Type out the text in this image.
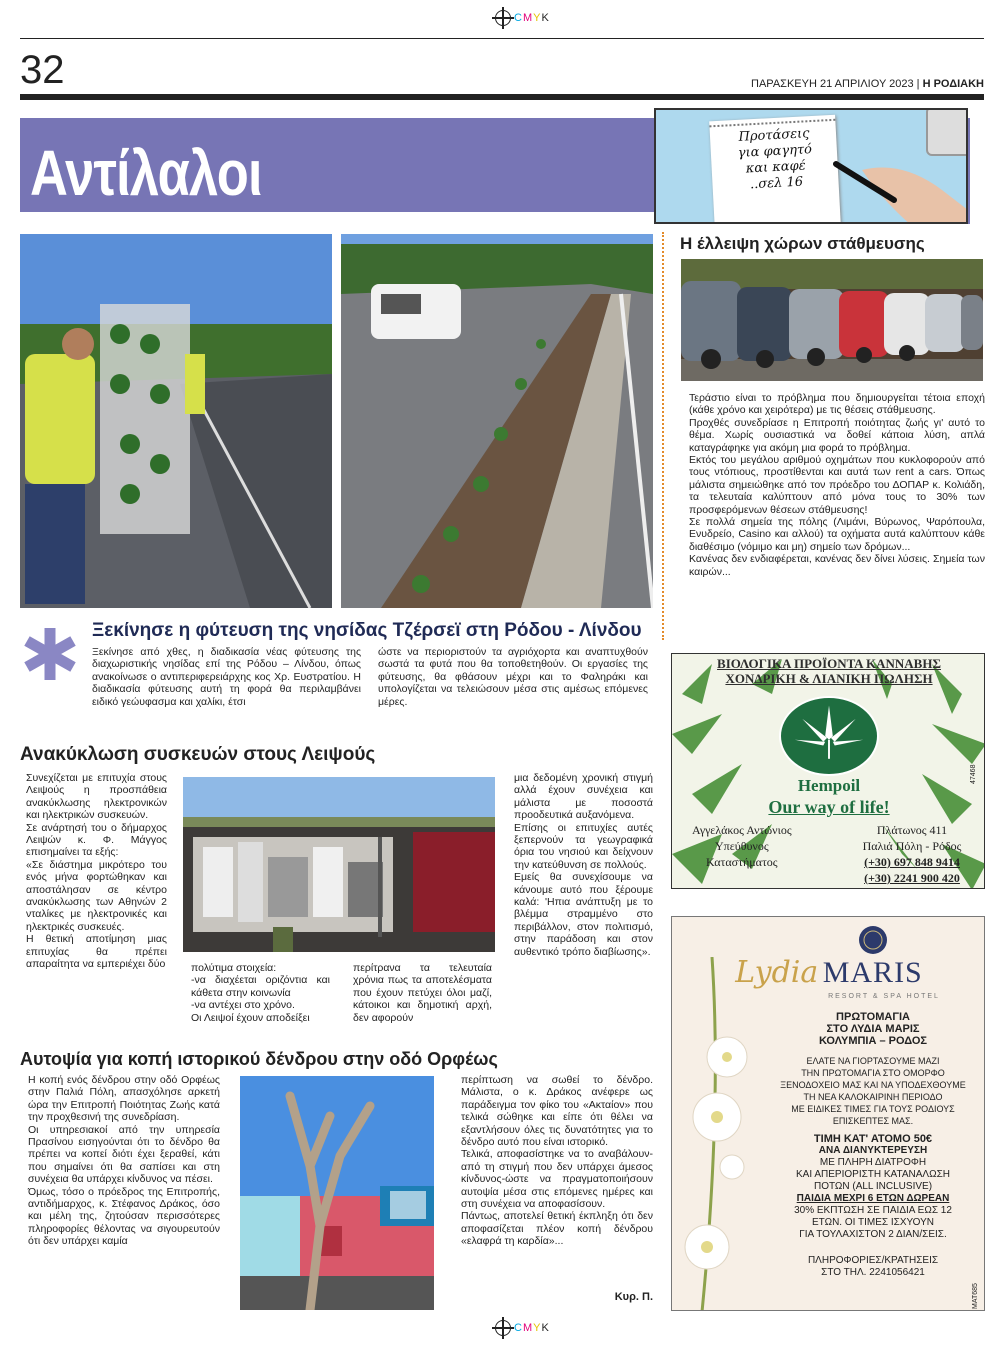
CMYK
32	ΠΑΡΑΣΚΕΥΗ 21 ΑΠΡΙΛΙΟΥ 2023 | Η ΡΟΔΙΑΚΗ
Αντίλαλοι
Προτάσεις
για φαγητό
και καφέ
..σελ 16
Ξεκίνησε η φύτευση της νησίδας Τζέρσεϊ στη Ρόδου - Λίνδου

Ξεκίνησε από χθες, η διαδικασία νέας φύτευσης της διαχωριστικής νησίδας επί της Ρόδου – Λίνδου, όπως ανακοίνωσε ο αντιπεριφερειάρχης κος Χρ. Ευστρατίου. Η διαδικασία φύτευσης αυτή τη φορά θα περιλαμβάνει ειδικό γεώυφασμα και χαλίκι, έτσι

ώστε να περιοριστούν τα αγριόχορτα και αναπτυχθούν σωστά τα φυτά που θα τοποθετηθούν. Οι εργασίες της φύτευσης, θα φθάσουν μέχρι και το Φαληράκι και υπολογίζεται να τελειώσουν μέσα στις αμέσως επόμενες μέρες.

Η έλλειψη χώρων στάθμευσης

Τεράστιο είναι το πρόβλημα που δημιουργείται τέτοια εποχή (κάθε χρόνο και χειρότερα) με τις θέσεις στάθμευσης.

Προχθές συνεδρίασε η Επιτροπή ποιότητας ζωής γι' αυτό το θέμα. Χωρίς ουσιαστικά να δοθεί κάποια λύση, απλά καταγράφηκε για ακόμη μια φορά το πρόβλημα.

Εκτός του μεγάλου αριθμού οχημάτων που κυκλοφορούν από τους ντόπιους, προστίθενται και αυτά των rent a cars. Όπως μάλιστα σημειώθηκε από τον πρόεδρο του ΔΟΠΑΡ κ. Κολιάδη, τα τελευταία καλύπτουν από μόνα τους το 30% των προσφερόμενων θέσεων στάθμευσης!

Σε πολλά σημεία της πόλης (Λιμάνι, Βύρωνος, Ψαρόπουλα, Ενυδρείο, Casino και αλλού) τα οχήματα αυτά καλύπτουν κάθε διαθέσιμο (νόμιμο και μη) σημείο των δρόμων...

Κανένας δεν ενδιαφέρεται, κανένας δεν δίνει λύσεις. Σημεία των καιρών...

ΒΙΟΛΟΓΙΚΑ ΠΡΟΪΟΝΤΑ ΚΑΝΝΑΒΗΣ
ΧΟΝΔΡΙΚΗ & ΛΙΑΝΙΚΗ ΠΩΛΗΣΗ
Hempoil
Our way of life!
Αγγελάκος Αντώνιος
Υπεύθυνος
Καταστήματος
Πλάτωνος 411
Παλιά Πόλη - Ρόδος
(+30) 697 848 9414
(+30) 2241 900 420
47468
Ανακύκλωση συσκευών στους Λειψούς

Συνεχίζεται με επιτυχία στους Λειψούς η προσπάθεια ανακύκλωσης ηλεκτρονικών και ηλεκτρικών συσκευών.

Σε ανάρτησή του ο δήμαρχος Λειψών κ. Φ. Μάγγος επισημαίνει τα εξής:

«Σε διάστημα μικρότερο του ενός μήνα φορτώθηκαν και αποστάλησαν σε κέντρο ανακύκλωσης των Αθηνών 2 νταλίκες με ηλεκτρονικές και ηλεκτρικές συσκευές.

Η θετική αποτίμηση μιας επιτυχίας θα πρέπει απαραίτητα να εμπεριέχει δύο πολύτιμα στοιχεία:
-να διαχέεται οριζόντια και κάθετα στην κοινωνία
-να αντέχει στο χρόνο.
Οι Λειψοί έχουν αποδείξει

περίτρανα τα τελευταία χρόνια πως τα αποτελέσματα που έχουν πετύχει όλοι μαζί, κάτοικοι και δημοτική αρχή, δεν αφορούν

μια δεδομένη χρονική στιγμή αλλά έχουν συνέχεια και μάλιστα με ποσοστά προοδευτικά αυξανόμενα.

Επίσης οι επιτυχίες αυτές ξεπερνούν τα γεωγραφικά όρια του νησιού και δείχνουν την κατεύθυνση σε πολλούς.

Εμείς θα συνεχίσουμε να κάνουμε αυτό που ξέρουμε καλά: 'Ηπια ανάπτυξη με το βλέμμα στραμμένο στο περιβάλλον, στον πολιτισμό, στην παράδοση και στον αυθεντικό τρόπο διαβίωσης».

Αυτοψία για κοπή ιστορικού δένδρου στην οδό Ορφέως

Η κοπή ενός δένδρου στην οδό Ορφέως στην Παλιά Πόλη, απασχόλησε αρκετή ώρα την Επιτροπή Ποιότητας Ζωής κατά την προχθεσινή της συνεδρίαση.

Οι υπηρεσιακοί από την υπηρεσία Πρασίνου εισηγούνται ότι το δένδρο θα πρέπει να κοπεί διότι έχει ξεραθεί, κάτι που σημαίνει ότι θα σαπίσει και στη συνέχεια θα υπάρχει κίνδυνος να πέσει.

Όμως, τόσο ο πρόεδρος της Επιτροπής, αντιδήμαρχος, κ. Στέφανος Δράκος, όσο και μέλη της, ζητούσαν περισσότερες πληροφορίες θέλοντας να σιγουρευτούν ότι δεν υπάρχει καμία

περίπτωση να σωθεί το δένδρο. Μάλιστα, ο κ. Δράκος ανέφερε ως παράδειγμα τον φίκο του «Ακταίον» που τελικά σώθηκε και είπε ότι θέλει να εξαντλήσουν όλες τις δυνατότητες για το δένδρο αυτό που είναι ιστορικό.

Τελικά, αποφασίστηκε να το αναβάλουν-από τη στιγμή που δεν υπάρχει άμεσος κίνδυνος-ώστε να πραγματοποιήσουν αυτοψία μέσα στις επόμενες ημέρες και στη συνέχεια να αποφασίσουν.

Πάντως, αποτελεί θετική έκπληξη ότι δεν αποφασίζεται πλέον κοπή δένδρου «ελαφρά τη καρδία»...

Κυρ. Π.
Lydia MARIS
RESORT & SPA HOTEL

ΠΡΩΤΟΜΑΓΙΑ

ΣΤΟ ΛΥΔΙΑ ΜΑΡΙΣ

ΚΟΛΥΜΠΙΑ – ΡΟΔΟΣ

ΕΛΑΤΕ ΝΑ ΓΙΟΡΤΑΣΟΥΜΕ ΜΑΖΙ

ΤΗΝ ΠΡΩΤΟΜΑΓΙΑ ΣΤΟ ΟΜΟΡΦΟ

ΞΕΝΟΔΟΧΕΙΟ ΜΑΣ ΚΑΙ ΝΑ ΥΠΟΔΕΧΘΟΥΜΕ

ΤΗ ΝΕΑ ΚΑΛΟΚΑΙΡΙΝΗ ΠΕΡΙΟΔΟ

ΜΕ ΕΙΔΙΚΕΣ ΤΙΜΕΣ ΓΙΑ ΤΟΥΣ ΡΟΔΙΟΥΣ

ΕΠΙΣΚΕΠΤΕΣ ΜΑΣ.

ΤΙΜΗ ΚΑΤ' ΑΤΟΜΟ 50€

ΑΝΑ ΔΙΑΝΥΚΤΕΡΕΥΣΗ

ΜΕ ΠΛΗΡΗ ΔΙΑΤΡΟΦΗ

ΚΑΙ ΑΠΕΡΙΟΡΙΣΤΗ ΚΑΤΑΝΑΛΩΣΗ

ΠΟΤΩΝ (ALL INCLUSIVE)

ΠΑΙΔΙΑ ΜΕΧΡΙ 6 ΕΤΩΝ ΔΩΡΕΑΝ

30% ΕΚΠΤΩΣΗ ΣΕ ΠΑΙΔΙΑ ΕΩΣ 12

ΕΤΩΝ. ΟΙ ΤΙΜΕΣ ΙΣΧΥΟΥΝ

ΓΙΑ ΤΟΥΛΑΧΙΣΤΟΝ 2 ΔΙΑΝ/ΣΕΙΣ.

ΠΛΗΡΟΦΟΡΙΕΣ/ΚΡΑΤΗΣΕΙΣ

ΣΤΟ ΤΗΛ. 2241056421

MAT685
CMYK
